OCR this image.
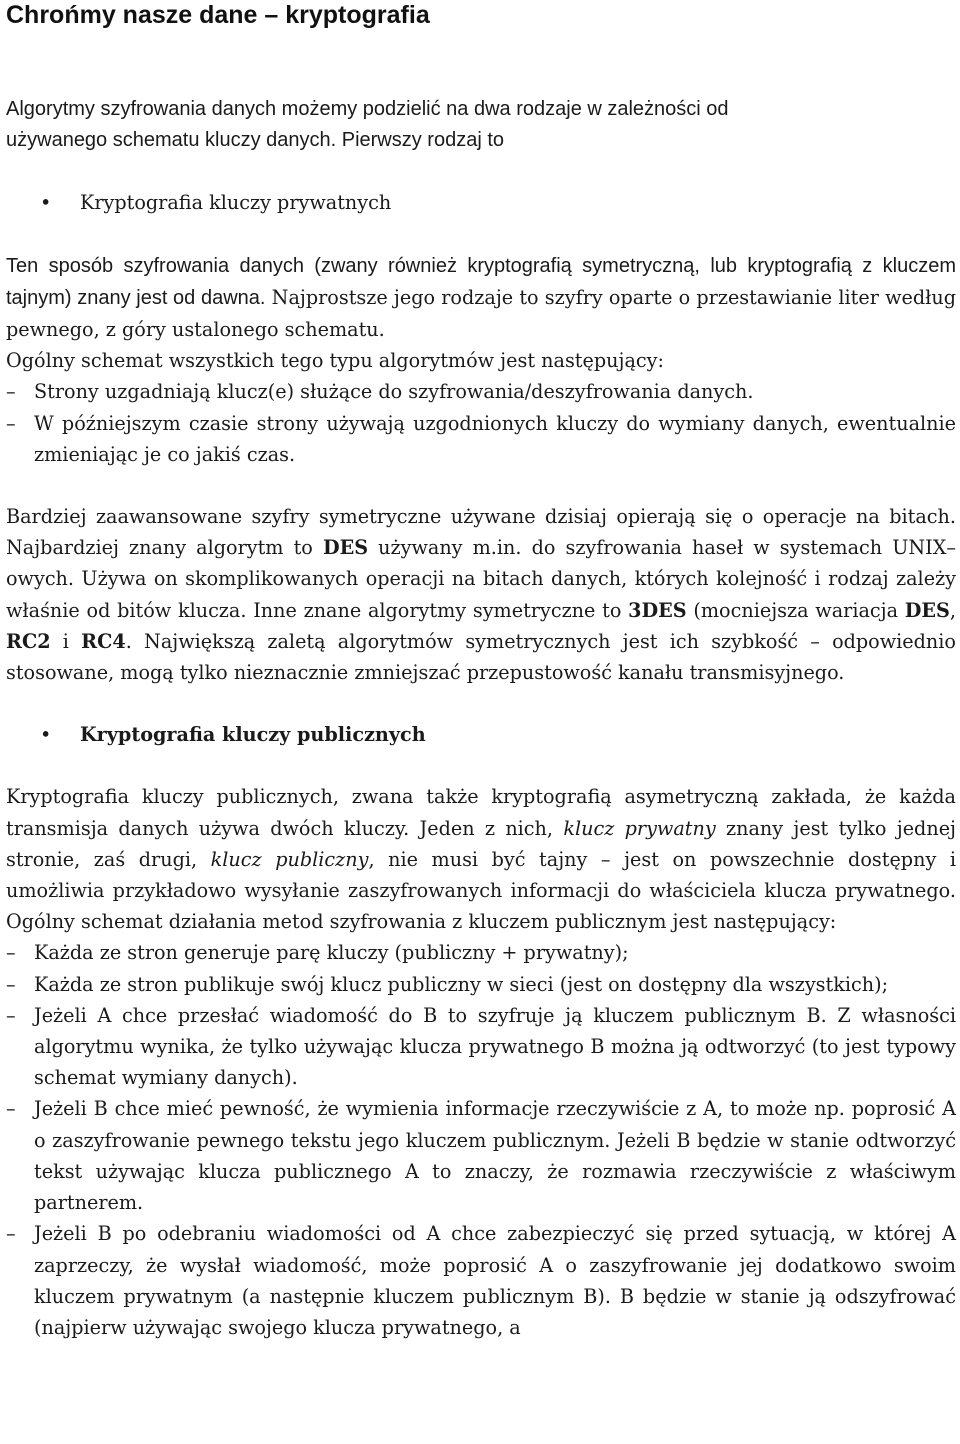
Chrońmy nasze dane – kryptografia

Algorytmy szyfrowania danych możemy podzielić na dwa rodzaje w zależności od
używanego schematu kluczy danych. Pierwszy rodzaj to

• Kryptografia kluczy prywatnych

Ten sposób szyfrowania danych (zwany również kryptografią symetryczną, lub kryptografią z kluczem tajnym) znany jest od dawna. Najprostsze jego rodzaje to szyfry oparte o przestawianie liter według pewnego, z góry ustalonego schematu.

Ogólny schemat wszystkich tego typu algorytmów jest następujący:

– Strony uzgadniają klucz(e) służące do szyfrowania/deszyfrowania danych.
– W późniejszym czasie strony używają uzgodnionych kluczy do wymiany danych, ewentualnie zmieniając je co jakiś czas.

Bardziej zaawansowane szyfry symetryczne używane dzisiaj opierają się o operacje na bitach. Najbardziej znany algorytm to DES używany m.in. do szyfrowania haseł w systemach UNIX–owych. Używa on skomplikowanych operacji na bitach danych, których kolejność i rodzaj zależy właśnie od bitów klucza. Inne znane algorytmy symetryczne to 3DES (mocniejsza wariacja DES, RC2 i RC4. Największą zaletą algorytmów symetrycznych jest ich szybkość – odpowiednio stosowane, mogą tylko nieznacznie zmniejszać przepustowość kanału transmisyjnego.

• Kryptografia kluczy publicznych

Kryptografia kluczy publicznych, zwana także kryptografią asymetryczną zakłada, że każda transmisja danych używa dwóch kluczy. Jeden z nich, klucz prywatny znany jest tylko jednej stronie, zaś drugi, klucz publiczny, nie musi być tajny – jest on powszechnie dostępny i umożliwia przykładowo wysyłanie zaszyfrowanych informacji do właściciela klucza prywatnego. Ogólny schemat działania metod szyfrowania z kluczem publicznym jest następujący:

– Każda ze stron generuje parę kluczy (publiczny + prywatny);
– Każda ze stron publikuje swój klucz publiczny w sieci (jest on dostępny dla wszystkich);
– Jeżeli A chce przesłać wiadomość do B to szyfruje ją kluczem publicznym B. Z własności algorytmu wynika, że tylko używając klucza prywatnego B można ją odtworzyć (to jest typowy schemat wymiany danych).
– Jeżeli B chce mieć pewność, że wymienia informacje rzeczywiście z A, to może np. poprosić A o zaszyfrowanie pewnego tekstu jego kluczem publicznym. Jeżeli B będzie w stanie odtworzyć tekst używając klucza publicznego A to znaczy, że rozmawia rzeczywiście z właściwym partnerem.
– Jeżeli B po odebraniu wiadomości od A chce zabezpieczyć się przed sytuacją, w której A zaprzeczy, że wysłał wiadomość, może poprosić A o zaszyfrowanie jej dodatkowo swoim kluczem prywatnym (a następnie kluczem publicznym B). B będzie w stanie ją odszyfrować (najpierw używając swojego klucza prywatnego, a
